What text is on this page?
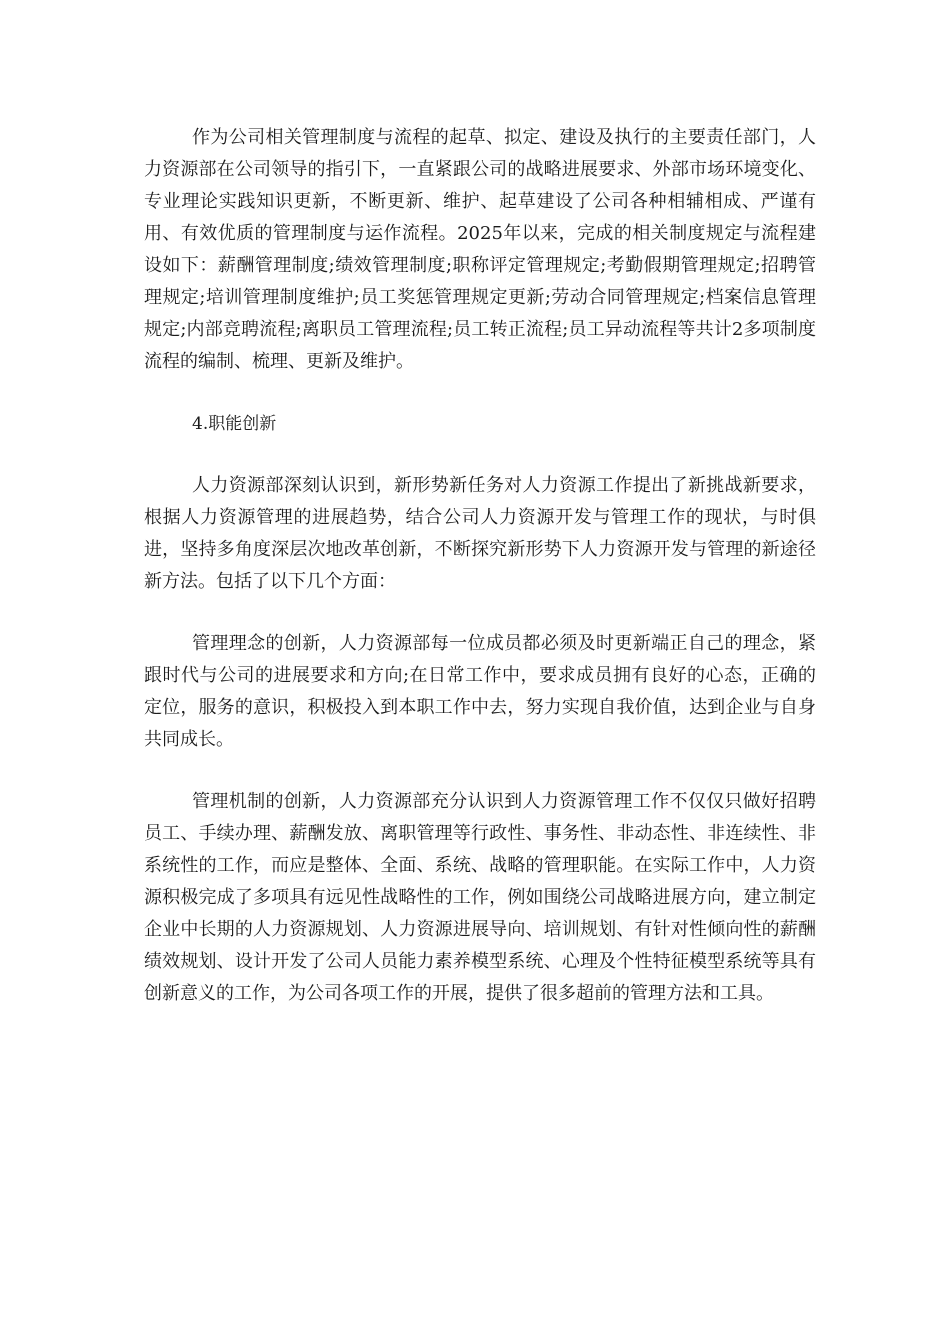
作为公司相关管理制度与流程的起草、拟定、建设及执行的主要责任部门，人力资源部在公司领导的指引下，一直紧跟公司的战略进展要求、外部市场环境变化、专业理论实践知识更新，不断更新、维护、起草建设了公司各种相辅相成、严谨有用、有效优质的管理制度与运作流程。2025年以来，完成的相关制度规定与流程建设如下：薪酬管理制度;绩效管理制度;职称评定管理规定;考勤假期管理规定;招聘管理规定;培训管理制度维护;员工奖惩管理规定更新;劳动合同管理规定;档案信息管理规定;内部竞聘流程;离职员工管理流程;员工转正流程;员工异动流程等共计2多项制度流程的编制、梳理、更新及维护。

4.职能创新

人力资源部深刻认识到，新形势新任务对人力资源工作提出了新挑战新要求，根据人力资源管理的进展趋势，结合公司人力资源开发与管理工作的现状，与时俱进，坚持多角度深层次地改革创新，不断探究新形势下人力资源开发与管理的新途径新方法。包括了以下几个方面：

管理理念的创新，人力资源部每一位成员都必须及时更新端正自己的理念，紧跟时代与公司的进展要求和方向;在日常工作中，要求成员拥有良好的心态，正确的定位，服务的意识，积极投入到本职工作中去，努力实现自我价值，达到企业与自身共同成长。

管理机制的创新，人力资源部充分认识到人力资源管理工作不仅仅只做好招聘员工、手续办理、薪酬发放、离职管理等行政性、事务性、非动态性、非连续性、非系统性的工作，而应是整体、全面、系统、战略的管理职能。在实际工作中，人力资源积极完成了多项具有远见性战略性的工作，例如围绕公司战略进展方向，建立制定企业中长期的人力资源规划、人力资源进展导向、培训规划、有针对性倾向性的薪酬绩效规划、设计开发了公司人员能力素养模型系统、心理及个性特征模型系统等具有创新意义的工作，为公司各项工作的开展，提供了很多超前的管理方法和工具。
